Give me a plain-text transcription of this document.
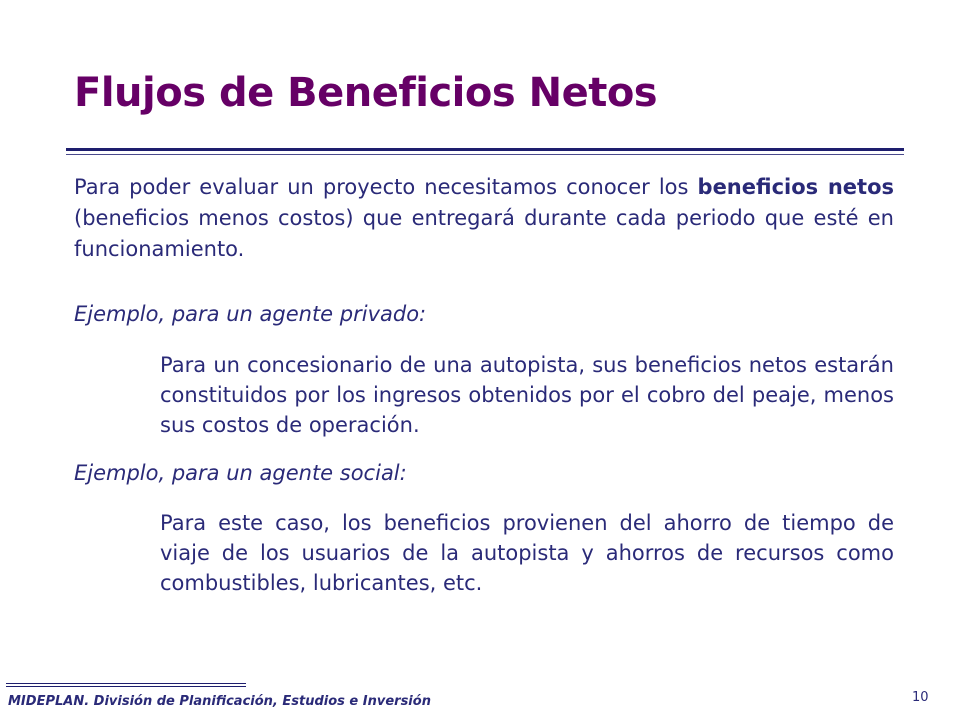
Flujos de Beneficios Netos

Para poder evaluar un proyecto necesitamos conocer los beneficios netos (beneficios menos costos) que entregará durante cada periodo que esté en funcionamiento.

Ejemplo, para un agente privado:

Para un concesionario de una autopista, sus beneficios netos estarán constituidos por los ingresos obtenidos por el cobro del peaje, menos sus costos de operación.

Ejemplo, para un agente social:

Para este caso, los beneficios provienen del ahorro de tiempo de viaje de los usuarios de la autopista y ahorros de recursos como combustibles, lubricantes, etc.

MIDEPLAN. División de Planificación, Estudios e Inversión	10
